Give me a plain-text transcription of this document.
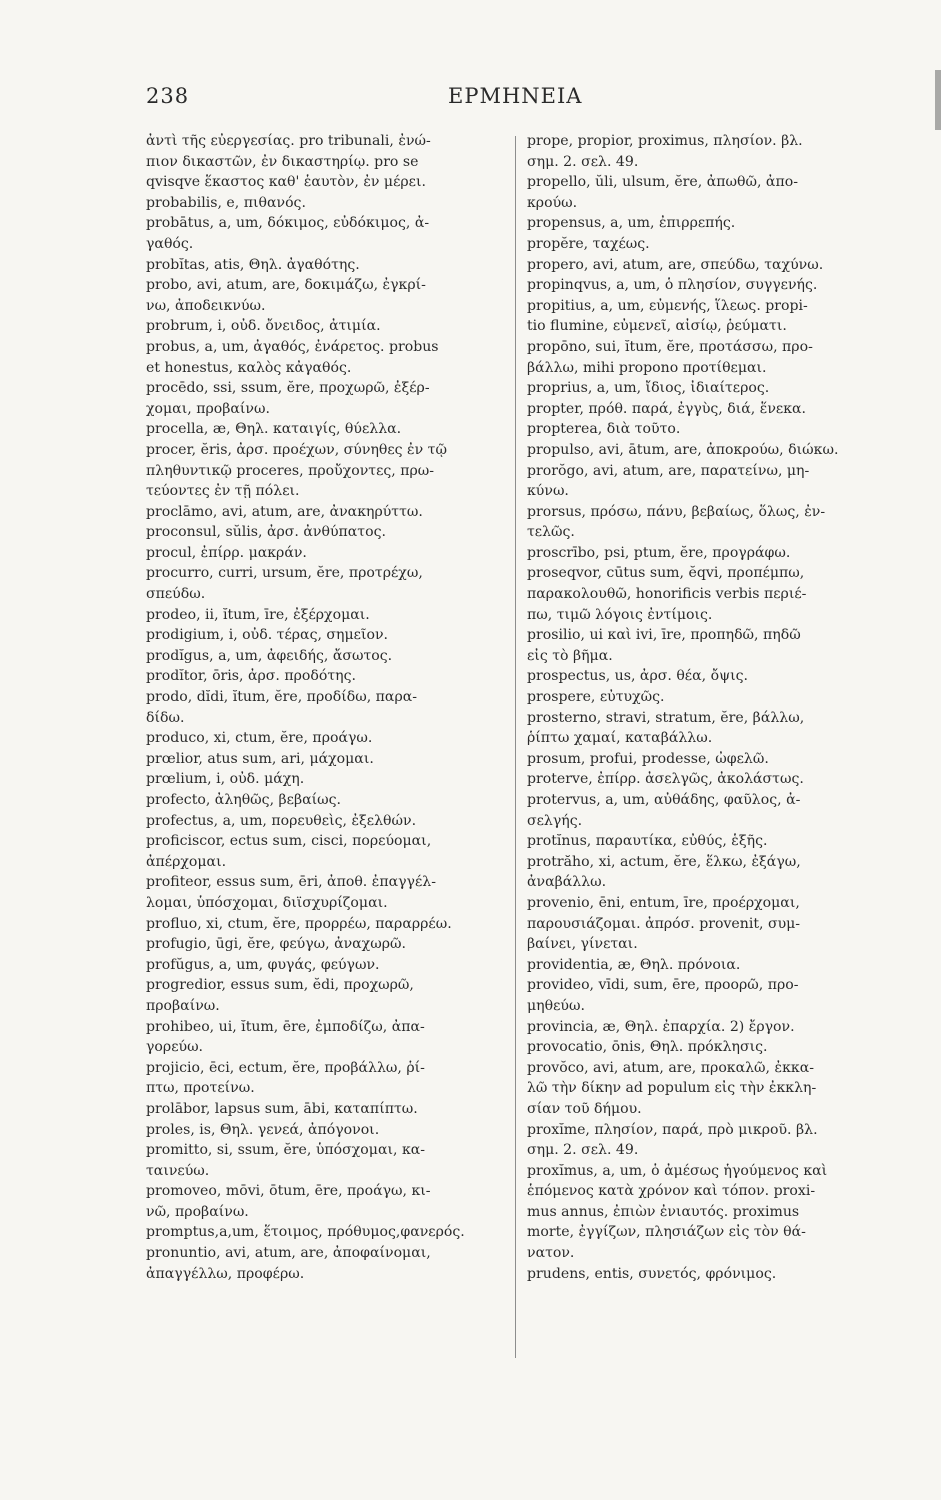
238	ΕΡΜΗΝΕΙΑ
ἀντὶ τῆς εὐεργεσίας. pro tribunali, ἐνώ-
πιον δικαστῶν, ἐν δικαστηρίῳ. pro se
qvisqve ἕκαστος καθ' ἑαυτὸν, ἐν μέρει.
probabilis, e, πιθανός.
probātus, a, um, δόκιμος, εὐδόκιμος, ἀ-
γαθός.
probĭtas, atis, Θηλ. ἀγαθότης.
probo, avi, atum, are, δοκιμάζω, ἐγκρί-
νω, ἀποδεικνύω.
probrum, i, οὐδ. ὄνειδος, ἀτιμία.
probus, a, um, ἀγαθός, ἐνάρετος. probus
et honestus, καλὸς κἀγαθός.
procēdo, ssi, ssum, ĕre, προχωρῶ, ἐξέρ-
χομαι, προβαίνω.
procella, æ, Θηλ. καταιγίς, θύελλα.
procer, ĕris, ἀρσ. προέχων, σύνηθες ἐν τῷ
πληθυντικῷ proceres, προὔχοντες, πρω-
τεύοντες ἐν τῇ πόλει.
proclāmo, avi, atum, are, ἀνακηρύττω.
proconsul, sŭlis, ἀρσ. ἀνθύπατος.
procul, ἐπίρρ. μακράν.
procurro, curri, ursum, ĕre, προτρέχω,
σπεύδω.
prodeo, ii, ĭtum, īre, ἐξέρχομαι.
prodigium, i, οὐδ. τέρας, σημεῖον.
prodĭgus, a, um, ἀφειδής, ἄσωτος.
prodĭtor, ōris, ἀρσ. προδότης.
prodo, dĭdi, ĭtum, ĕre, προδίδω, παρα-
δίδω.
produco, xi, ctum, ĕre, προάγω.
prœlior, atus sum, ari, μάχομαι.
prœlium, i, οὐδ. μάχη.
profecto, ἀληθῶς, βεβαίως.
profectus, a, um, πορευθεὶς, ἐξελθών.
proficiscor, ectus sum, cisci, πορεύομαι,
ἀπέρχομαι.
profiteor, essus sum, ēri, ἀποθ. ἐπαγγέλ-
λομαι, ὑπόσχομαι, διϊσχυρίζομαι.
profluo, xi, ctum, ĕre, προρρέω, παραρρέω.
profugio, ūgi, ĕre, φεύγω, ἀναχωρῶ.
profŭgus, a, um, φυγάς, φεύγων.
progredior, essus sum, ĕdi, προχωρῶ,
προβαίνω.
prohibeo, ui, ĭtum, ēre, ἐμποδίζω, ἀπα-
γορεύω.
projicio, ēci, ectum, ĕre, προβάλλω, ῥί-
πτω, προτείνω.
prolābor, lapsus sum, ābi, καταπίπτω.
proles, is, Θηλ. γενεά, ἀπόγονοι.
promitto, si, ssum, ĕre, ὑπόσχομαι, κα-
ταινεύω.
promoveo, mōvi, ōtum, ēre, προάγω, κι-
νῶ, προβαίνω.
promptus,a,um, ἕτοιμος, πρόθυμος,φανερός.
pronuntio, avi, atum, are, ἀποφαίνομαι,
ἀπαγγέλλω, προφέρω.
prope, propior, proximus, πλησίον. βλ.
σημ. 2. σελ. 49.
propello, ŭli, ulsum, ĕre, ἀπωθῶ, ἀπο-
κρούω.
propensus, a, um, ἐπιρρεπής.
propĕre, ταχέως.
propero, avi, atum, are, σπεύδω, ταχύνω.
propinqvus, a, um, ὁ πλησίον, συγγενής.
propitius, a, um, εὐμενής, ἵλεως. propi-
tio flumine, εὐμενεῖ, αἰσίῳ, ῥεύματι.
propōno, sui, ĭtum, ĕre, προτάσσω, προ-
βάλλω, mihi propono προτίθεμαι.
proprius, a, um, ἴδιος, ἰδιαίτερος.
propter, πρόθ. παρά, ἐγγὺς, διά, ἕνεκα.
propterea, διὰ τοῦτο.
propulso, avi, ātum, are, ἀποκρούω, διώκω.
prorŏgo, avi, atum, are, παρατείνω, μη-
κύνω.
prorsus, πρόσω, πάνυ, βεβαίως, ὅλως, ἐν-
τελῶς.
proscrībo, psi, ptum, ĕre, προγράφω.
proseqvor, cūtus sum, ĕqvi, προπέμπω,
παρακολουθῶ, honorificis verbis περιέ-
πω, τιμῶ λόγοις ἐντίμοις.
prosilio, ui καὶ ivi, īre, προπηδῶ, πηδῶ
εἰς τὸ βῆμα.
prospectus, us, ἀρσ. θέα, ὄψις.
prospere, εὐτυχῶς.
prosterno, stravi, stratum, ĕre, βάλλω,
ῥίπτω χαμαί, καταβάλλω.
prosum, profui, prodesse, ὠφελῶ.
proterve, ἐπίρρ. ἀσελγῶς, ἀκολάστως.
protervus, a, um, αὐθάδης, φαῦλος, ἀ-
σελγής.
protĭnus, παραυτίκα, εὐθύς, ἑξῆς.
protrăho, xi, actum, ĕre, ἕλκω, ἐξάγω,
ἀναβάλλω.
provenio, ēni, entum, īre, προέρχομαι,
παρουσιάζομαι. ἀπρόσ. provenit, συμ-
βαίνει, γίνεται.
providentia, æ, Θηλ. πρόνοια.
provideo, vīdi, sum, ēre, προορῶ, προ-
μηθεύω.
provincia, æ, Θηλ. ἐπαρχία. 2) ἔργον.
provocatio, ōnis, Θηλ. πρόκλησις.
provŏco, avi, atum, are, προκαλῶ, ἐκκα-
λῶ τὴν δίκην ad populum εἰς τὴν ἐκκλη-
σίαν τοῦ δήμου.
proxĭme, πλησίον, παρά, πρὸ μικροῦ. βλ.
σημ. 2. σελ. 49.
proxĭmus, a, um, ὁ ἀμέσως ἡγούμενος καὶ
ἑπόμενος κατὰ χρόνον καὶ τόπον. proxi-
mus annus, ἐπιὼν ἐνιαυτός. proximus
morte, ἐγγίζων, πλησιάζων εἰς τὸν θά-
νατον.
prudens, entis, συνετός, φρόνιμος.
